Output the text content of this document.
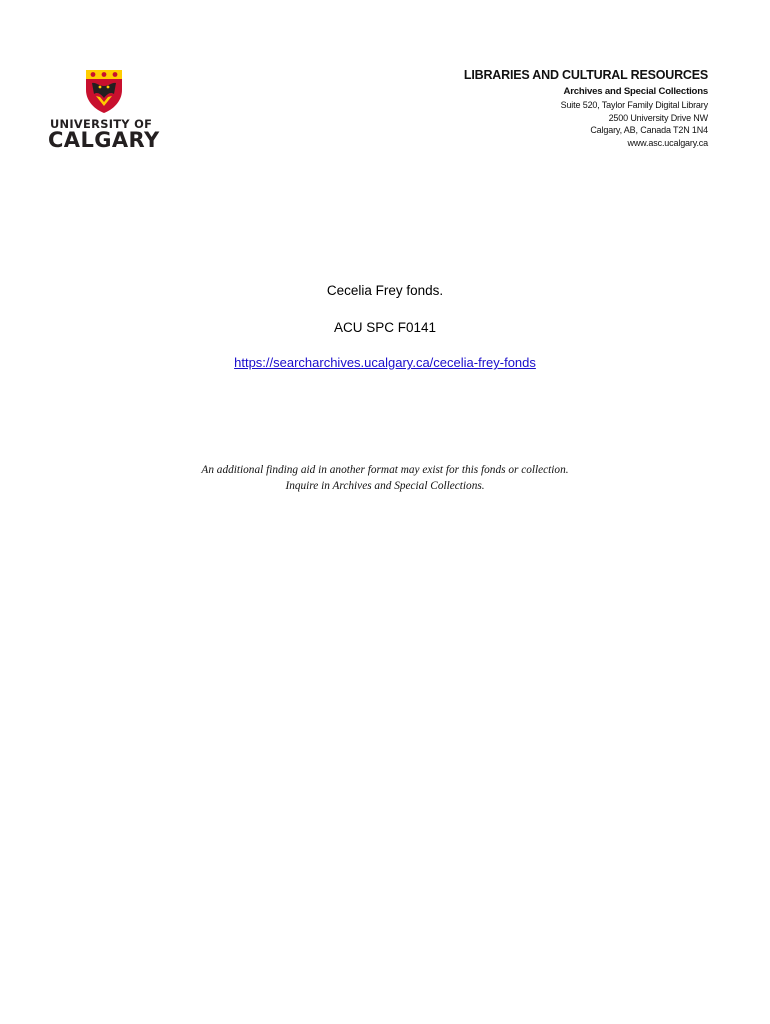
UNIVERSITY OF
CALGARY
LIBRARIES AND CULTURAL RESOURCES
Archives and Special Collections
Suite 520, Taylor Family Digital Library
2500 University Drive NW
Calgary, AB, Canada T2N 1N4
www.asc.ucalgary.ca
Cecelia Frey fonds.
ACU SPC F0141
https://searcharchives.ucalgary.ca/cecelia-frey-fonds
An additional finding aid in another format may exist for this fonds or collection.
Inquire in Archives and Special Collections.
